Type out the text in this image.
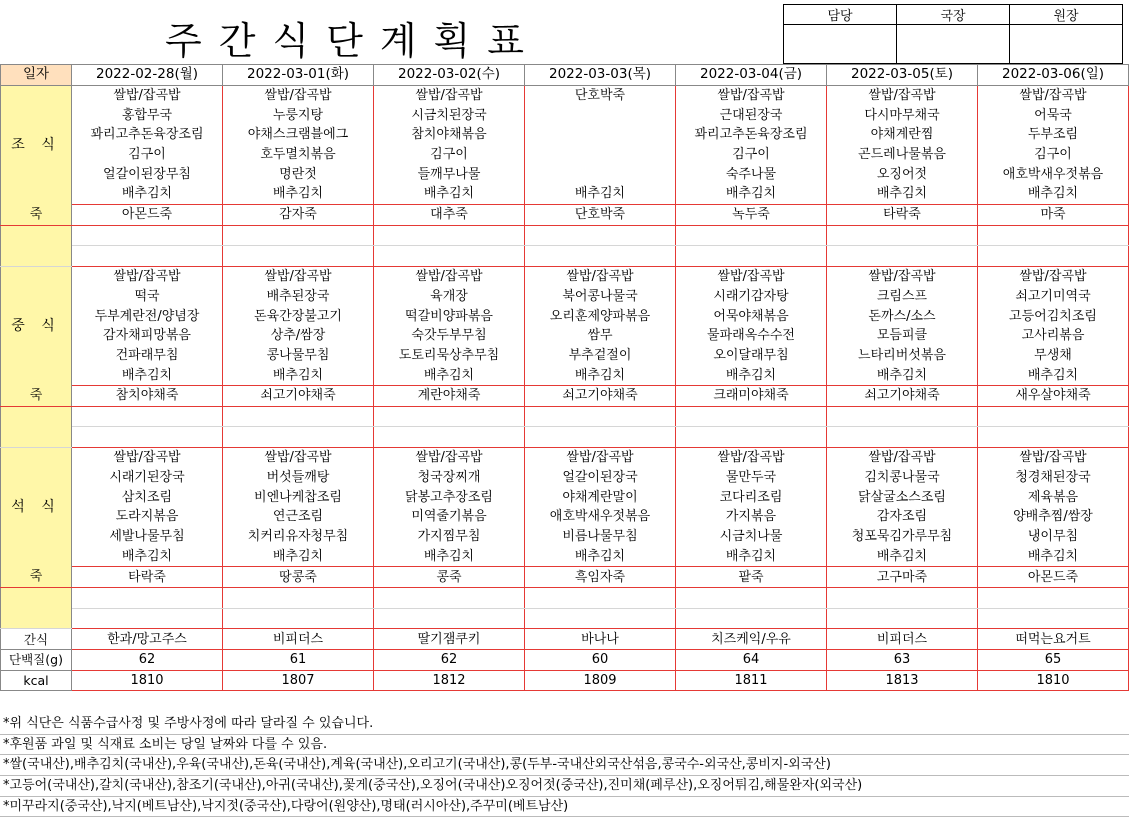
주간식단계획표
담당	국장	원장

일자	2022-02-28(월)	2022-03-01(화)	2022-03-02(수)	2022-03-03(목)	2022-03-04(금)	2022-03-05(토)	2022-03-06(일)
조 식	쌀밥/잡곡밥	쌀밥/잡곡밥	쌀밥/잡곡밥	단호박죽	쌀밥/잡곡밥	쌀밥/잡곡밥	쌀밥/잡곡밥
	홍합무국	누룽지탕	시금치된장국		근대된장국	다시마무채국	어묵국
	꽈리고추돈육장조림	야채스크램블에그	참치야채볶음		꽈리고추돈육장조림	야채계란찜	두부조림
	김구이	호두멸치볶음	김구이		김구이	곤드레나물볶음	김구이
	얼갈이된장무침	명란젓	들깨무나물		숙주나물	오징어젓	애호박새우젓볶음
	배추김치	배추김치	배추김치	배추김치	배추김치	배추김치	배추김치
죽	아몬드죽	감자죽	대추죽	단호박죽	녹두죽	타락죽	마죽

중 식	쌀밥/잡곡밥	쌀밥/잡곡밥	쌀밥/잡곡밥	쌀밥/잡곡밥	쌀밥/잡곡밥	쌀밥/잡곡밥	쌀밥/잡곡밥
	떡국	배추된장국	육개장	북어콩나물국	시래기감자탕	크림스프	쇠고기미역국
	두부계란전/양념장	돈육간장불고기	떡갈비양파볶음	오리훈제양파볶음	어묵야채볶음	돈까스/소스	고등어김치조림
	감자채피망볶음	상추/쌈장	숙갓두부무침	쌈무	물파래옥수수전	모듬피클	고사리볶음
	건파래무침	콩나물무침	도토리묵상추무침	부추겉절이	오이달래무침	느타리버섯볶음	무생채
	배추김치	배추김치	배추김치	배추김치	배추김치	배추김치	배추김치
죽	참치야채죽	쇠고기야채죽	계란야채죽	쇠고기야채죽	크래미야채죽	쇠고기야채죽	새우살야채죽

석 식	쌀밥/잡곡밥	쌀밥/잡곡밥	쌀밥/잡곡밥	쌀밥/잡곡밥	쌀밥/잡곡밥	쌀밥/잡곡밥	쌀밥/잡곡밥
	시래기된장국	버섯들깨탕	청국장찌개	얼갈이된장국	물만두국	김치콩나물국	청경채된장국
	삼치조림	비엔나케찹조림	닭봉고추장조림	야채계란말이	코다리조림	닭살굴소스조림	제육볶음
	도라지볶음	연근조림	미역줄기볶음	애호박새우젓볶음	가지볶음	감자조림	양배추찜/쌈장
	세발나물무침	치커리유자청무침	가지찜무침	비름나물무침	시금치나물	청포묵김가루무침	냉이무침
	배추김치	배추김치	배추김치	배추김치	배추김치	배추김치	배추김치
죽	타락죽	땅콩죽	콩죽	흑임자죽	팥죽	고구마죽	아몬드죽

간식	한과/망고주스	비피더스	딸기잼쿠키	바나나	치즈케익/우유	비피더스	떠먹는요거트
단백질(g)	62	61	62	60	64	63	65
kcal	1810	1807	1812	1809	1811	1813	1810
*위 식단은 식품수급사정 및 주방사정에 따라 달라질 수 있습니다.
*후원품 과일 및 식재료 소비는 당일 날짜와 다를 수 있음.
*쌀(국내산),배추김치(국내산),우육(국내산),돈육(국내산),계육(국내산),오리고기(국내산),콩(두부-국내산외국산섞음,콩국수-외국산,콩비지-외국산)
*고등어(국내산),갈치(국내산),참조기(국내산),아귀(국내산),꽃게(중국산),오징어(국내산)오징어젓(중국산),진미채(페루산),오징어튀김,해물완자(외국산)
*미꾸라지(중국산),낙지(베트남산),낙지젓(중국산),다랑어(원양산),명태(러시아산),주꾸미(베트남산)
